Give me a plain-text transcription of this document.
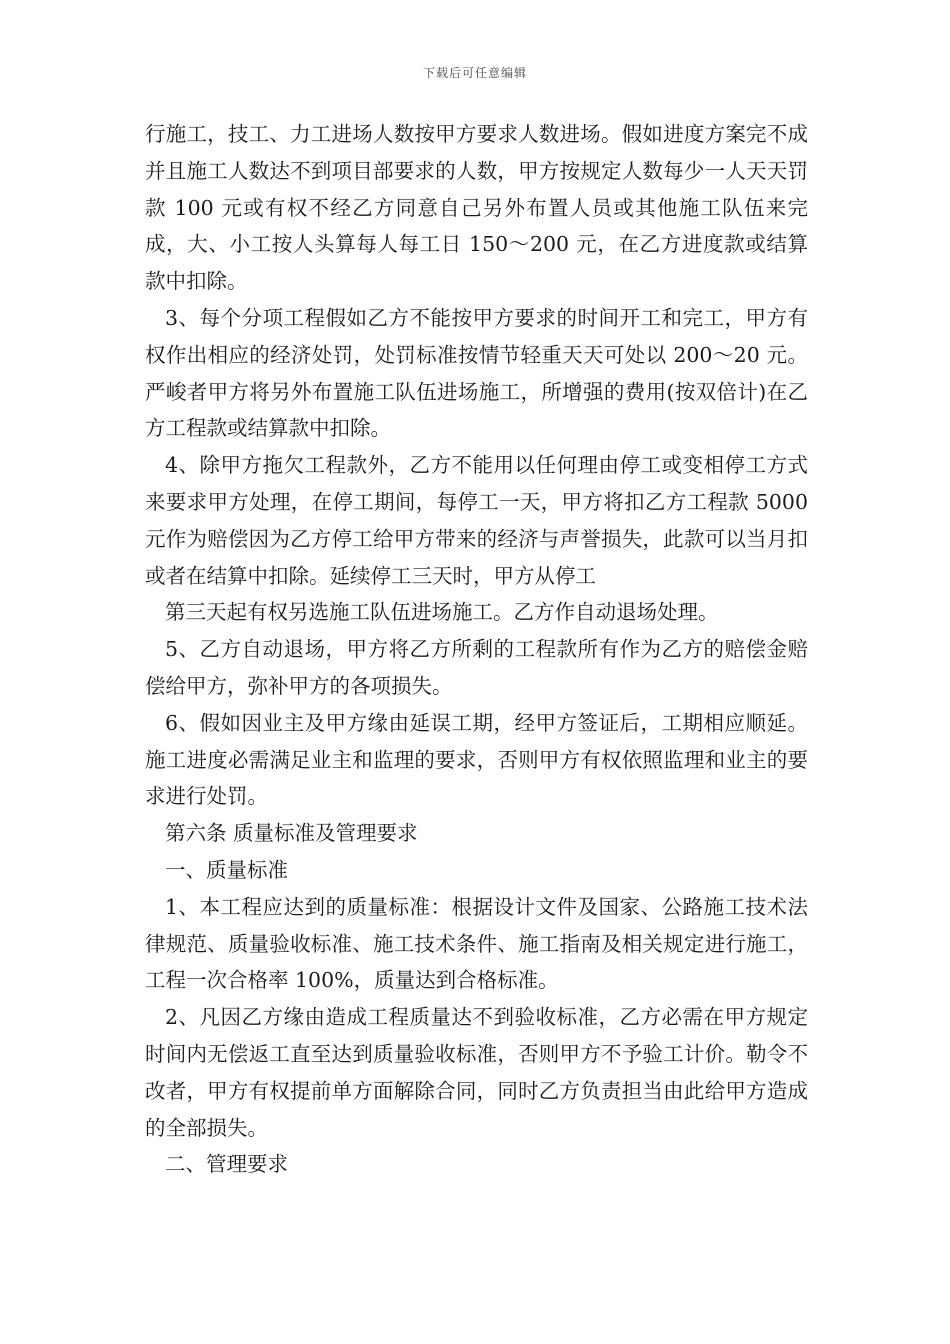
下载后可任意编辑

行施工，技工、力工进场人数按甲方要求人数进场。假如进度方案完不成并且施工人数达不到项目部要求的人数，甲方按规定人数每少一人天天罚款 100 元或有权不经乙方同意自己另外布置人员或其他施工队伍来完成，大、小工按人头算每人每工日 150～200 元，在乙方进度款或结算款中扣除。

3、每个分项工程假如乙方不能按甲方要求的时间开工和完工，甲方有权作出相应的经济处罚，处罚标准按情节轻重天天可处以 200～20 元。严峻者甲方将另外布置施工队伍进场施工，所增强的费用(按双倍计)在乙方工程款或结算款中扣除。

4、除甲方拖欠工程款外，乙方不能用以任何理由停工或变相停工方式来要求甲方处理，在停工期间，每停工一天，甲方将扣乙方工程款 5000 元作为赔偿因为乙方停工给甲方带来的经济与声誉损失，此款可以当月扣或者在结算中扣除。延续停工三天时，甲方从停工

第三天起有权另选施工队伍进场施工。乙方作自动退场处理。

5、乙方自动退场，甲方将乙方所剩的工程款所有作为乙方的赔偿金赔偿给甲方，弥补甲方的各项损失。

6、假如因业主及甲方缘由延误工期，经甲方签证后，工期相应顺延。施工进度必需满足业主和监理的要求，否则甲方有权依照监理和业主的要求进行处罚。

第六条 质量标准及管理要求

一、质量标准

1、本工程应达到的质量标准：根据设计文件及国家、公路施工技术法律规范、质量验收标准、施工技术条件、施工指南及相关规定进行施工，工程一次合格率 100%，质量达到合格标准。

2、凡因乙方缘由造成工程质量达不到验收标准，乙方必需在甲方规定时间内无偿返工直至达到质量验收标准，否则甲方不予验工计价。勒令不改者，甲方有权提前单方面解除合同，同时乙方负责担当由此给甲方造成的全部损失。

二、管理要求
